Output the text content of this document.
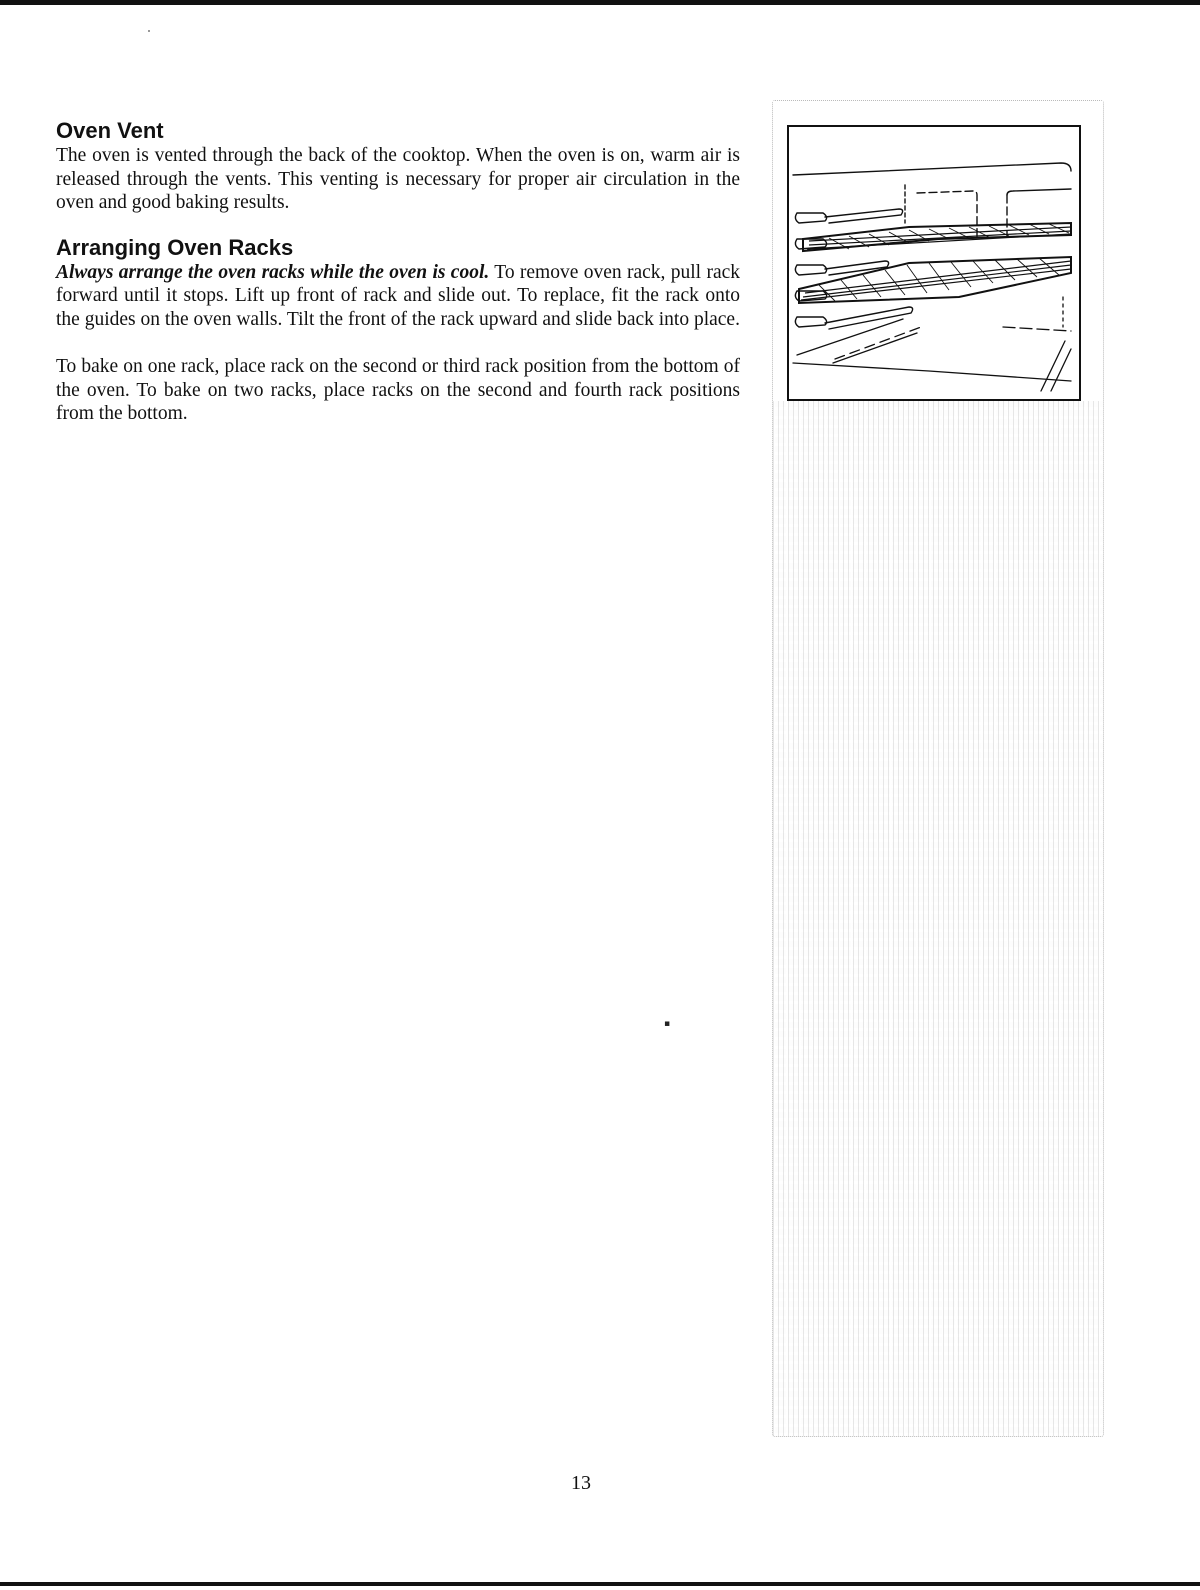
Oven Vent

The oven is vented through the back of the cooktop. When the oven is on, warm air is released through the vents. This venting is necessary for proper air circulation in the oven and good baking results.

Arranging Oven Racks

Always arrange the oven racks while the oven is cool. To remove oven rack, pull rack forward until it stops. Lift up front of rack and slide out. To replace, fit the rack onto the guides on the oven walls. Tilt the front of the rack upward and slide back into place.

To bake on one rack, place rack on the second or third rack position from the bottom of the oven. To bake on two racks, place racks on the second and fourth rack positions from the bottom.

▪
13
